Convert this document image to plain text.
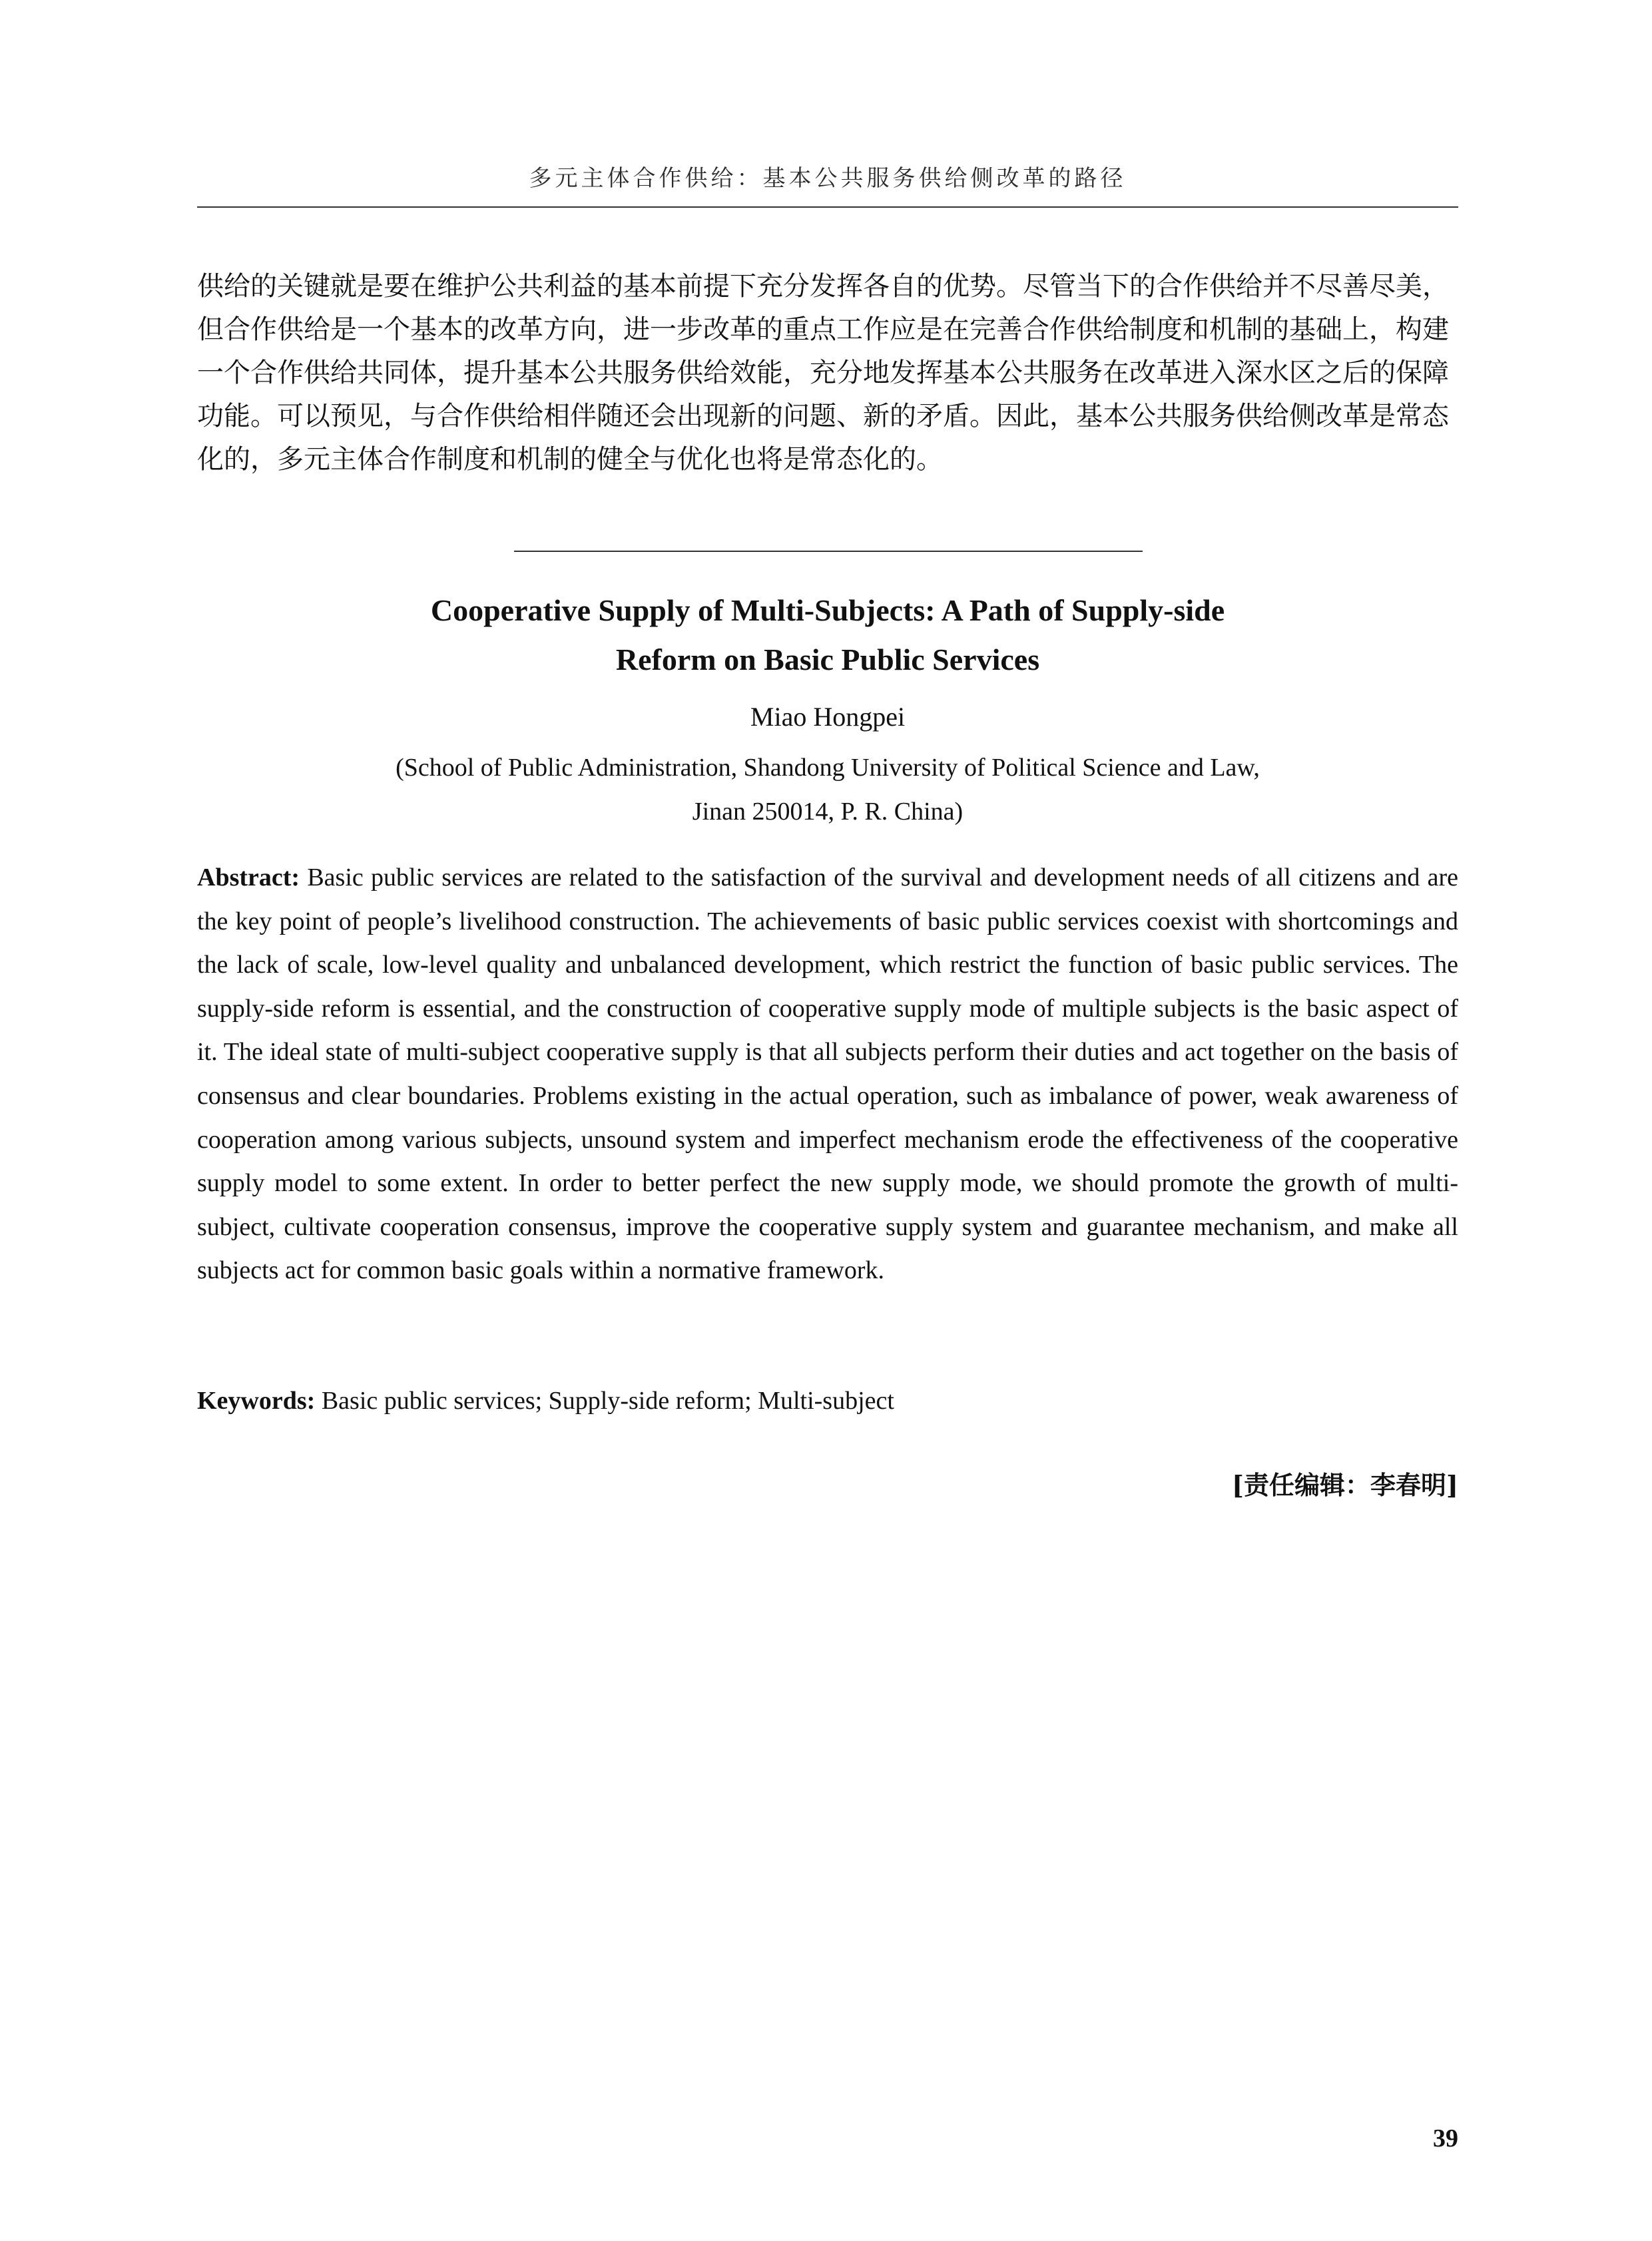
多元主体合作供给：基本公共服务供给侧改革的路径

供给的关键就是要在维护公共利益的基本前提下充分发挥各自的优势。尽管当下的合作供给并不尽善尽美，但合作供给是一个基本的改革方向，进一步改革的重点工作应是在完善合作供给制度和机制的基础上，构建一个合作供给共同体，提升基本公共服务供给效能，充分地发挥基本公共服务在改革进入深水区之后的保障功能。可以预见，与合作供给相伴随还会出现新的问题、新的矛盾。因此，基本公共服务供给侧改革是常态化的，多元主体合作制度和机制的健全与优化也将是常态化的。

Cooperative Supply of Multi-Subjects: A Path of Supply-side
Reform on Basic Public Services
Miao Hongpei
(School of Public Administration, Shandong University of Political Science and Law,
Jinan 250014, P. R. China)

Abstract: Basic public services are related to the satisfaction of the survival and development needs of all citizens and are the key point of people’s livelihood construction. The achievements of basic public services coexist with shortcomings and the lack of scale, low-level quality and unbalanced development, which restrict the function of basic public services. The supply-side reform is essential, and the construction of cooperative supply mode of multiple subjects is the basic aspect of it. The ideal state of multi-subject cooperative supply is that all subjects perform their duties and act together on the basis of consensus and clear boundaries. Problems existing in the actual operation, such as imbalance of power, weak awareness of cooperation among various subjects, unsound system and imperfect mechanism erode the effectiveness of the cooperative supply model to some extent. In order to better perfect the new supply mode, we should promote the growth of multi-subject, cultivate cooperation consensus, improve the cooperative supply system and guarantee mechanism, and make all subjects act for common basic goals within a normative framework.

Keywords: Basic public services; Supply-side reform; Multi-subject
[责任编辑：李春明]
39
